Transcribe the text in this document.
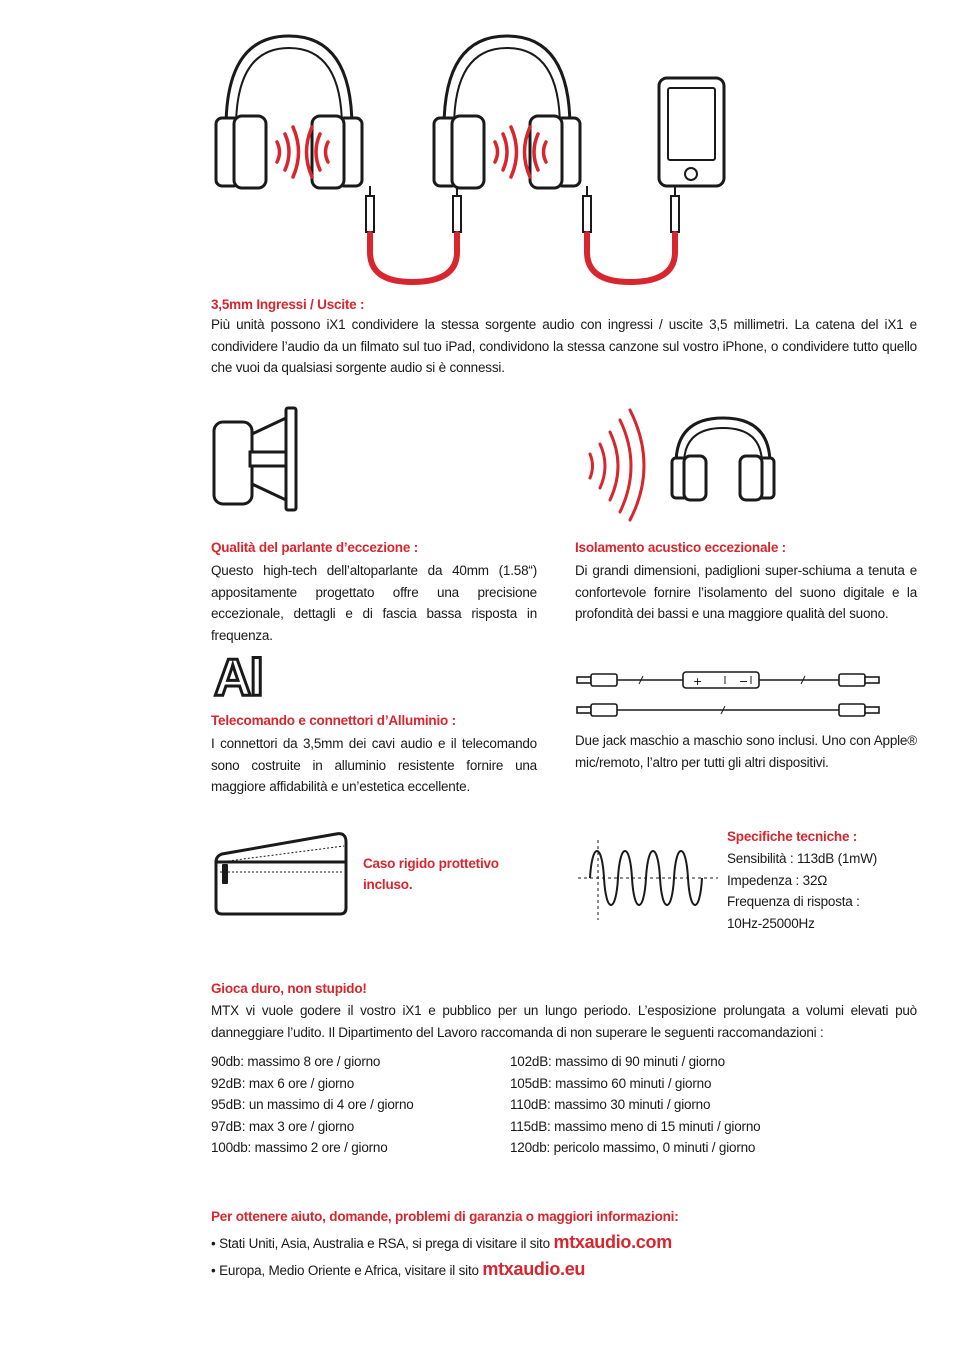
3,5mm Ingressi / Uscite :
Più unità possono iX1 condividere la stessa sorgente audio con ingressi / uscite 3,5 millimetri. La catena del iX1 e condividere l’audio da un filmato sul tuo iPad, condividono la stessa canzone sul vostro iPhone, o condividere tutto quello che vuoi da qualsiasi sorgente audio si è connessi.
Qualità del parlante d’eccezione :
Questo high-tech dell’altoparlante da 40mm (1.58“) appositamente progettato offre una precisione eccezionale, dettagli e di fascia bassa risposta in frequenza.
Isolamento acustico eccezionale :
Di grandi dimensioni, padiglioni super-schiuma a tenuta e confortevole fornire l’isolamento del suono digitale e la profondità dei bassi e una maggiore qualità del suono.
Al
Telecomando e connettori d’Alluminio :
I connettori da 3,5mm dei cavi audio e il telecomando sono costruite in alluminio resistente fornire una maggiore affidabilità e un’estetica eccellente.
+	−
Due jack maschio a maschio sono inclusi. Uno con Apple® mic/remoto, l’altro per tutti gli altri dispositivi.
Caso rigido prottetivo incluso.
Specifiche tecniche :
Sensibilità : 113dB (1mW)
Impedenza : 32Ω
Frequenza di risposta :
10Hz-25000Hz
Gioca duro, non stupido!
MTX vi vuole godere il vostro iX1 e pubblico per un lungo periodo. L’esposizione prolungata a volumi elevati può danneggiare l’udito. Il Dipartimento del Lavoro raccomanda di non superare le seguenti raccomandazioni :
90db: massimo 8 ore / giorno
92dB: max 6 ore / giorno
95dB: un massimo di 4 ore / giorno
97dB: max 3 ore / giorno
100db: massimo 2 ore / giorno
102dB: massimo di 90 minuti / giorno
105dB: massimo 60 minuti / giorno
110dB: massimo 30 minuti / giorno
115dB: massimo meno di 15 minuti / giorno
120db: pericolo massimo, 0 minuti / giorno
Per ottenere aiuto, domande, problemi di garanzia o maggiori informazioni:
• Stati Uniti, Asia, Australia e RSA, si prega di visitare il sito mtxaudio.com
• Europa, Medio Oriente e Africa, visitare il sito mtxaudio.eu
